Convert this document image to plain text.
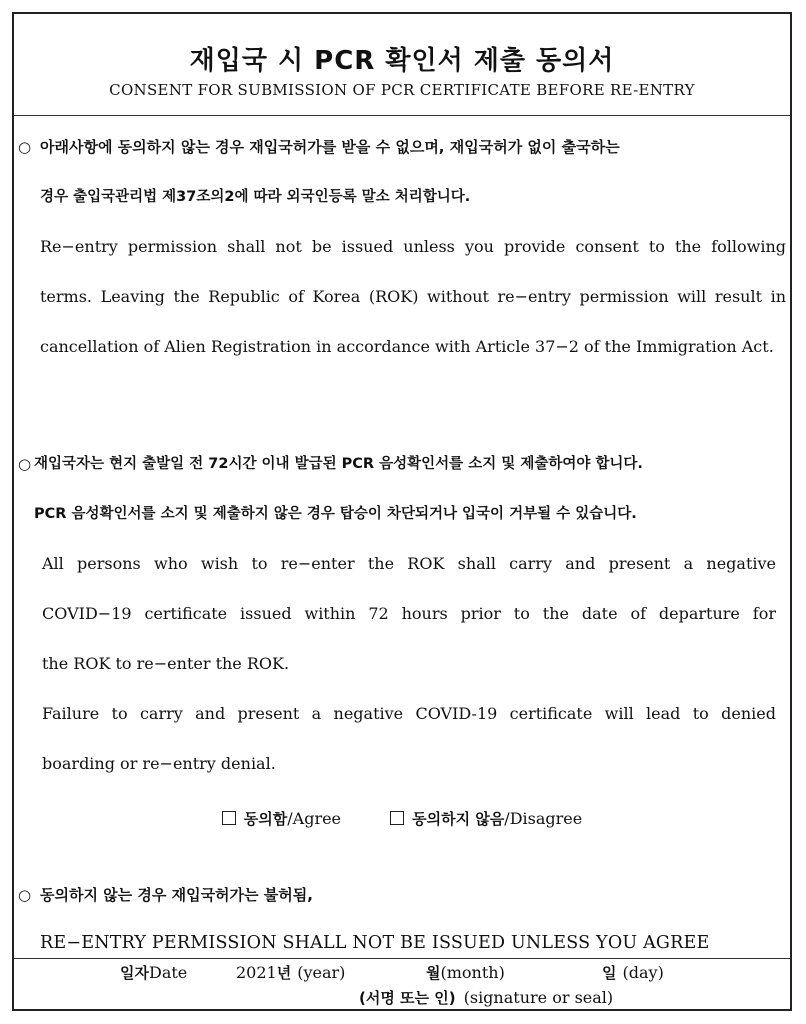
재입국 시 PCR 확인서 제출 동의서
CONSENT FOR SUBMISSION OF PCR CERTIFICATE BEFORE RE-ENTRY
○ 아래사항에 동의하지 않는 경우 재입국허가를 받을 수 없으며, 재입국허가 없이 출국하는
경우 출입국관리법 제37조의2에 따라 외국인등록 말소 처리합니다.
Re−entry permission shall not be issued unless you provide consent to the following
terms. Leaving the Republic of Korea (ROK) without re−entry permission will result in
cancellation of Alien Registration in accordance with Article 37−2 of the Immigration Act.
○ 재입국자는 현지 출발일 전 72시간 이내 발급된 PCR 음성확인서를 소지 및 제출하여야 합니다.
PCR 음성확인서를 소지 및 제출하지 않은 경우 탑승이 차단되거나 입국이 거부될 수 있습니다.
All persons who wish to re−enter the ROK shall carry and present a negative
COVID−19 certificate issued within 72 hours prior to the date of departure for
the ROK to re−enter the ROK.
Failure to carry and present a negative COVID-19 certificate will lead to denied
boarding or re−entry denial.
동의함/Agree	동의하지 않음/Disagree
○ 동의하지 않는 경우 재입국허가는 불허됨,
RE−ENTRY PERMISSION SHALL NOT BE ISSUED UNLESS YOU AGREE
일자Date	2021년 (year)	월(month)	일 (day)
(서명 또는 인) (signature or seal)
